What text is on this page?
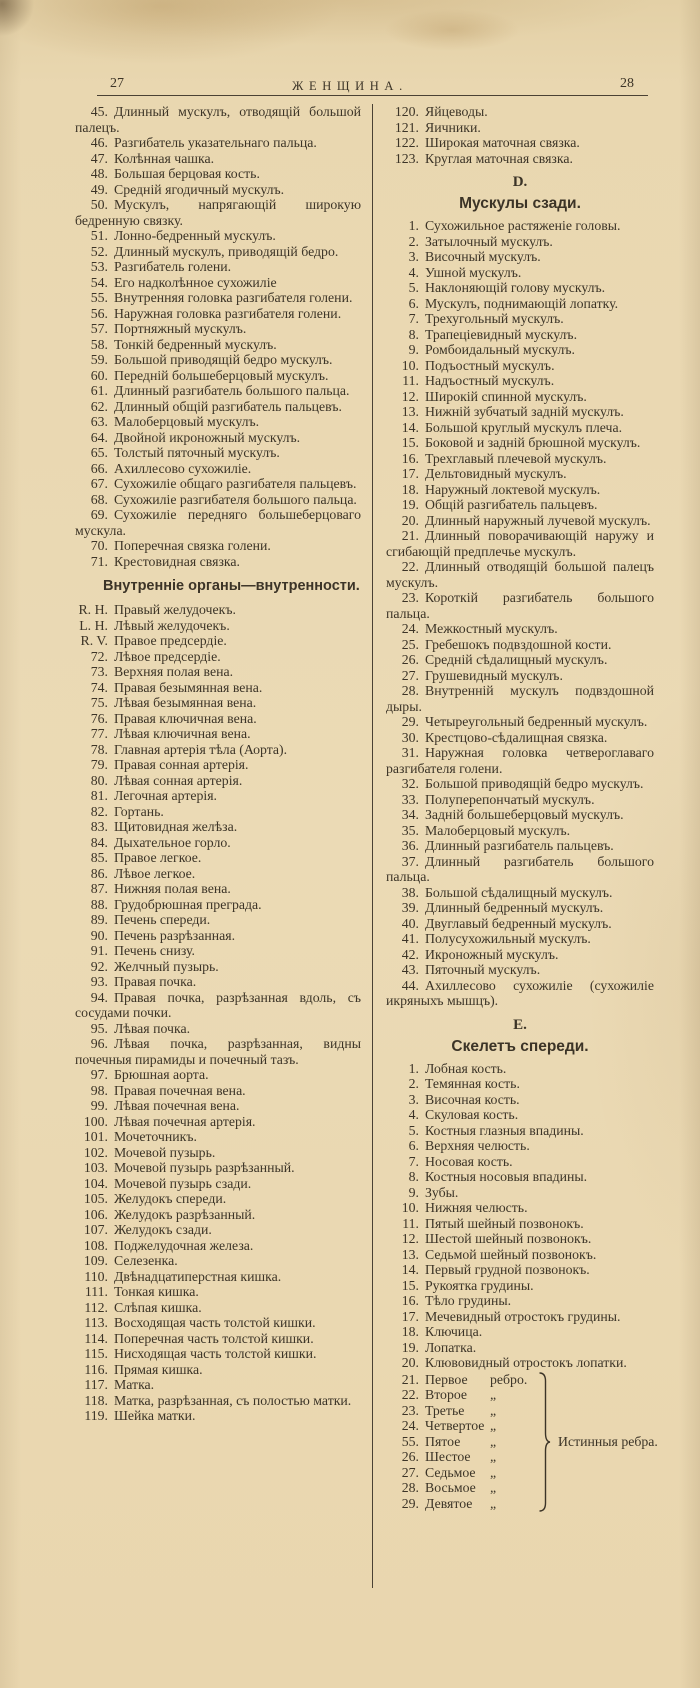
27	ЖЕНЩИНА.	28

45. Длинный мускулъ, отводящій большой палецъ.

46. Разгибатель указательнаго пальца.

47. Колѣнная чашка.

48. Большая берцовая кость.

49. Средній ягодичный мускулъ.

50. Мускулъ, напрягающій широкую бедренную связку.

51. Лонно-бедренный мускулъ.

52. Длинный мускулъ, приводящій бедро.

53. Разгибатель голени.

54. Его надколѣнное сухожиліе

55. Внутренняя головка разгибателя голени.

56. Наружная головка разгибателя голени.

57. Портняжный мускулъ.

58. Тонкій бедренный мускулъ.

59. Большой приводящій бедро мускулъ.

60. Передній большеберцовый мускулъ.

61. Длинный разгибатель большого пальца.

62. Длинный общій разгибатель пальцевъ.

63. Малоберцовый мускулъ.

64. Двойной икроножный мускулъ.

65. Толстый пяточный мускулъ.

66. Ахиллесово сухожиліе.

67. Сухожиліе общаго разгибателя пальцевъ.

68. Сухожиліе разгибателя большого пальца.

69. Сухожиліе передняго большеберцоваго мускула.

70. Поперечная связка голени.

71. Крестовидная связка.

Внутренніе органы—внутренности.

R. H. Правый желудочекъ.

L. H. Лѣвый желудочекъ.

R. V. Правое предсердіе.

72. Лѣвое предсердіе.

73. Верхняя полая вена.

74. Правая безымянная вена.

75. Лѣвая безымянная вена.

76. Правая ключичная вена.

77. Лѣвая ключичная вена.

78. Главная артерія тѣла (Аорта).

79. Правая сонная артерія.

80. Лѣвая сонная артерія.

81. Легочная артерія.

82. Гортань.

83. Щитовидная желѣза.

84. Дыхательное горло.

85. Правое легкое.

86. Лѣвое легкое.

87. Нижняя полая вена.

88. Грудобрюшная преграда.

89. Печень спереди.

90. Печень разрѣзанная.

91. Печень снизу.

92. Желчный пузырь.

93. Правая почка.

94. Правая почка, разрѣзанная вдоль, съ сосудами почки.

95. Лѣвая почка.

96. Лѣвая почка, разрѣзанная, видны почечныя пирамиды и почечный тазъ.

97. Брюшная аорта.

98. Правая почечная вена.

99. Лѣвая почечная вена.

100. Лѣвая почечная артерія.

101. Мочеточникъ.

102. Мочевой пузырь.

103. Мочевой пузырь разрѣзанный.

104. Мочевой пузырь сзади.

105. Желудокъ спереди.

106. Желудокъ разрѣзанный.

107. Желудокъ сзади.

108. Поджелудочная железа.

109. Селезенка.

110. Двѣнадцатиперстная кишка.

111. Тонкая кишка.

112. Слѣпая кишка.

113. Восходящая часть толстой кишки.

114. Поперечная часть толстой кишки.

115. Нисходящая часть толстой кишки.

116. Прямая кишка.

117. Матка.

118. Матка, разрѣзанная, съ полостью матки.

119. Шейка матки.

120. Яйцеводы.

121. Яичники.

122. Широкая маточная связка.

123. Круглая маточная связка.

D.
Мускулы сзади.

1. Сухожильное растяженіе головы.

2. Затылочный мускулъ.

3. Височный мускулъ.

4. Ушной мускулъ.

5. Наклоняющій голову мускулъ.

6. Мускулъ, поднимающій лопатку.

7. Трехугольный мускулъ.

8. Трапеціевидный мускулъ.

9. Ромбоидальный мускулъ.

10. Подъостный мускулъ.

11. Надъостный мускулъ.

12. Широкій спинной мускулъ.

13. Нижній зубчатый задній мускулъ.

14. Большой круглый мускулъ плеча.

15. Боковой и задній брюшной мускулъ.

16. Трехглавый плечевой мускулъ.

17. Дельтовидный мускулъ.

18. Наружный локтевой мускулъ.

19. Общій разгибатель пальцевъ.

20. Длинный наружный лучевой мускулъ.

21. Длинный поворачивающій наружу и сгибающій предплечье мускулъ.

22. Длинный отводящій большой палецъ мускулъ.

23. Короткій разгибатель большого пальца.

24. Межкостный мускулъ.

25. Гребешокъ подвздошной кости.

26. Средній сѣдалищный мускулъ.

27. Грушевидный мускулъ.

28. Внутренній мускулъ подвздошной дыры.

29. Четыреугольный бедренный мускулъ.

30. Крестцово-сѣдалищная связка.

31. Наружная головка четвероглаваго разгибателя голени.

32. Большой приводящій бедро мускулъ.

33. Полуперепончатый мускулъ.

34. Задній большеберцовый мускулъ.

35. Малоберцовый мускулъ.

36. Длинный разгибатель пальцевъ.

37. Длинный разгибатель большого пальца.

38. Большой сѣдалищный мускулъ.

39. Длинный бедренный мускулъ.

40. Двуглавый бедренный мускулъ.

41. Полусухожильный мускулъ.

42. Икроножный мускулъ.

43. Пяточный мускулъ.

44. Ахиллесово сухожиліе (сухожиліе икряныхъ мышцъ).

E.
Скелетъ спереди.

1. Лобная кость.

2. Темянная кость.

3. Височная кость.

4. Скуловая кость.

5. Костныя глазныя впадины.

6. Верхняя челюсть.

7. Носовая кость.

8. Костныя носовыя впадины.

9. Зубы.

10. Нижняя челюсть.

11. Пятый шейный позвонокъ.

12. Шестой шейный позвонокъ.

13. Седьмой шейный позвонокъ.

14. Первый грудной позвонокъ.

15. Рукоятка грудины.

16. Тѣло грудины.

17. Мечевидный отростокъ грудины.

18. Ключица.

19. Лопатка.

20. Клювовидный отростокъ лопатки.

21. Первое	ребро.

22. Второе	„

23. Третье	„

24. Четвертое „

55. Пятое	„

26. Шестое	„

27. Седьмое	„

28. Восьмое	„

29. Девятое	„

Истинныя ребра.
